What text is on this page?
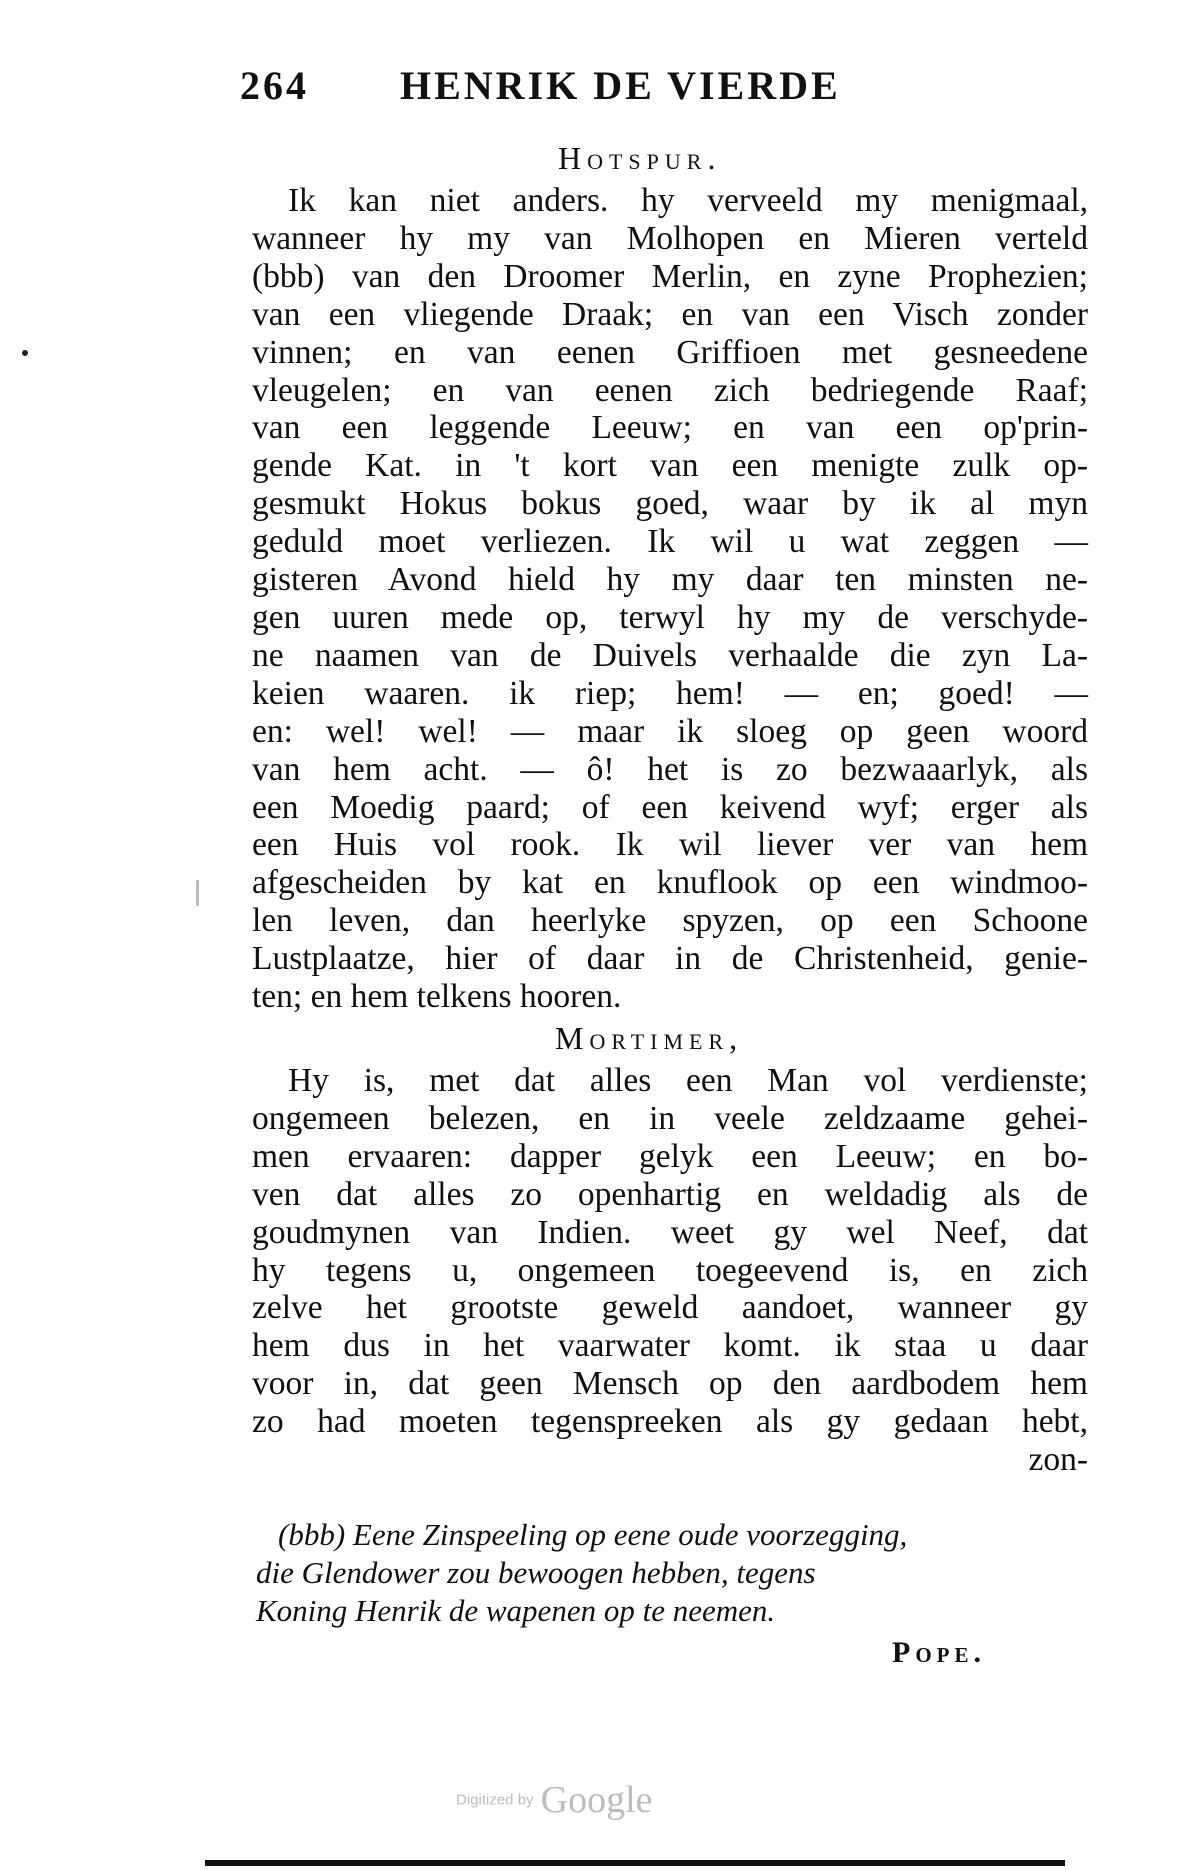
264 HENRIK DE VIERDE
Hotspur.

Ik kan niet anders. hy verveeld my menigmaal,
wanneer hy my van Molhopen en Mieren verteld
(bbb) van den Droomer Merlin, en zyne Prophezien;
van een vliegende Draak; en van een Visch zonder
vinnen; en van eenen Griffioen met gesneedene
vleugelen; en van eenen zich bedriegende Raaf;
van een leggende Leeuw; en van een op'prin-
gende Kat. in 't kort van een menigte zulk op-
gesmukt Hokus bokus goed, waar by ik al myn
geduld moet verliezen. Ik wil u wat zeggen —
gisteren Avond hield hy my daar ten minsten ne-
gen uuren mede op, terwyl hy my de verschyde-
ne naamen van de Duivels verhaalde die zyn La-
keien waaren. ik riep; hem! — en; goed! —
en: wel! wel! — maar ik sloeg op geen woord
van hem acht. — ô! het is zo bezwaaarlyk, als
een Moedig paard; of een keivend wyf; erger als
een Huis vol rook. Ik wil liever ver van hem
afgescheiden by kat en knuflook op een windmoo-
len leven, dan heerlyke spyzen, op een Schoone
Lustplaatze, hier of daar in de Christenheid, genie-
ten; en hem telkens hooren.

Mortimer,

Hy is, met dat alles een Man vol verdienste;
ongemeen belezen, en in veele zeldzaame gehei-
men ervaaren: dapper gelyk een Leeuw; en bo-
ven dat alles zo openhartig en weldadig als de
goudmynen van Indien. weet gy wel Neef, dat
hy tegens u, ongemeen toegeevend is, en zich
zelve het grootste geweld aandoet, wanneer gy
hem dus in het vaarwater komt. ik staa u daar
voor in, dat geen Mensch op den aardbodem hem
zo had moeten tegenspreeken als gy gedaan hebt,
zon-

(bbb) Eene Zinspeeling op eene oude voorzegging,
die Glendower zou bewoogen hebben, tegens
Koning Henrik de wapenen op te neemen.

Pope.
Digitized by Google
